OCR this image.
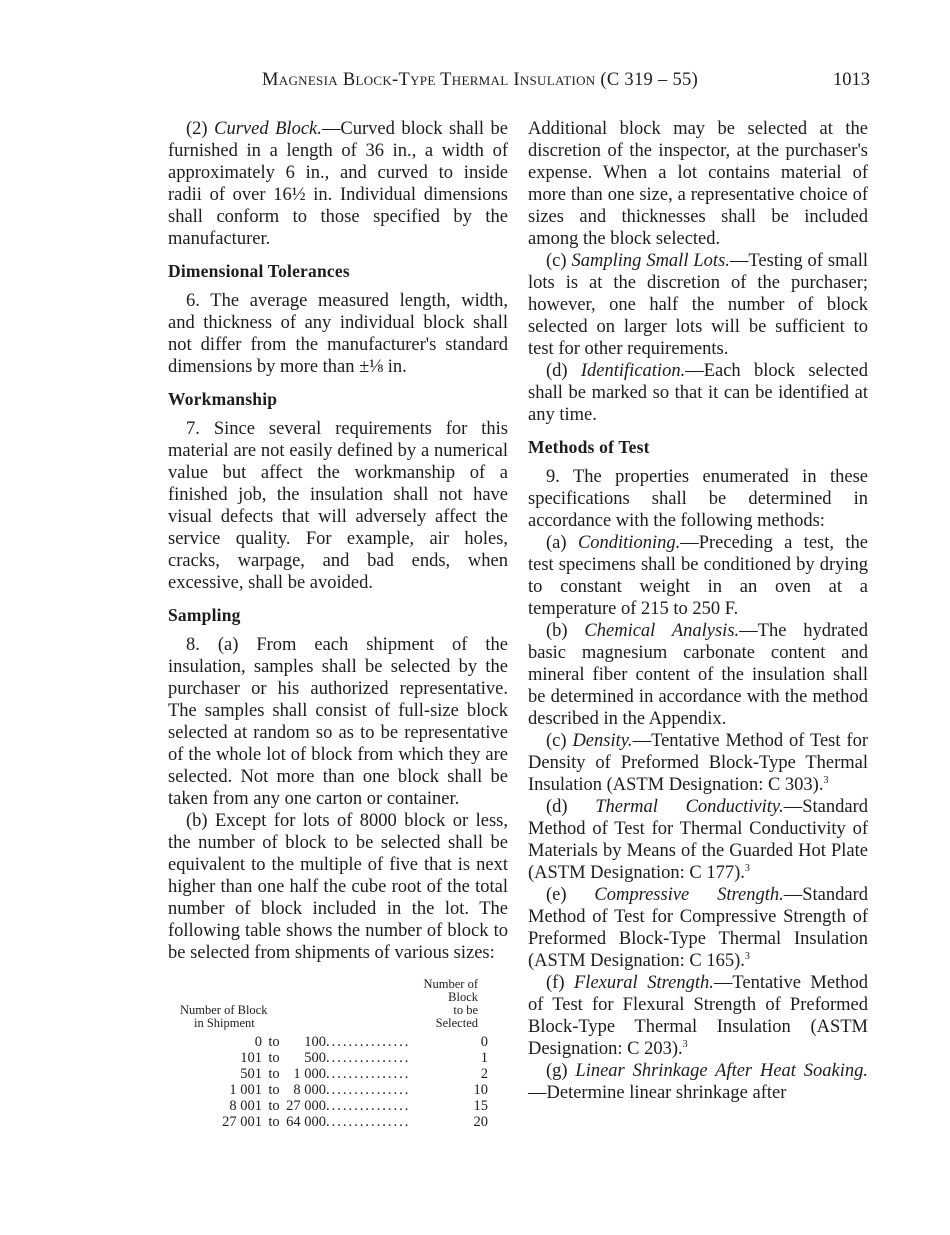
Magnesia Block-Type Thermal Insulation (C 319 – 55)	1013

(2) Curved Block.—Curved block shall be furnished in a length of 36 in., a width of approximately 6 in., and curved to inside radii of over 16½ in. Individual dimensions shall conform to those specified by the manufacturer.

Dimensional Tolerances

6. The average measured length, width, and thickness of any individual block shall not differ from the manufacturer's standard dimensions by more than ±⅛ in.

Workmanship

7. Since several requirements for this material are not easily defined by a numerical value but affect the workmanship of a finished job, the insulation shall not have visual defects that will adversely affect the service quality. For example, air holes, cracks, warpage, and bad ends, when excessive, shall be avoided.

Sampling

8. (a) From each shipment of the insulation, samples shall be selected by the purchaser or his authorized representative. The samples shall consist of full-size block selected at random so as to be representative of the whole lot of block from which they are selected. Not more than one block shall be taken from any one carton or container.

(b) Except for lots of 8000 block or less, the number of block to be selected shall be equivalent to the multiple of five that is next higher than one half the cube root of the total number of block included in the lot. The following table shows the number of block to be selected from shipments of various sizes:

Number of Block
in Shipment	Number of Block
to be Selected
0 to 100...............	0
101 to 500...............	1
501 to 1 000...............	2
1 001 to 8 000...............	10
8 001 to 27 000...............	15
27 001 to 64 000...............	20

Additional block may be selected at the discretion of the inspector, at the purchaser's expense. When a lot contains material of more than one size, a representative choice of sizes and thicknesses shall be included among the block selected.

(c) Sampling Small Lots.—Testing of small lots is at the discretion of the purchaser; however, one half the number of block selected on larger lots will be sufficient to test for other requirements.

(d) Identification.—Each block selected shall be marked so that it can be identified at any time.

Methods of Test

9. The properties enumerated in these specifications shall be determined in accordance with the following methods:

(a) Conditioning.—Preceding a test, the test specimens shall be conditioned by drying to constant weight in an oven at a temperature of 215 to 250 F.

(b) Chemical Analysis.—The hydrated basic magnesium carbonate content and mineral fiber content of the insulation shall be determined in accordance with the method described in the Appendix.

(c) Density.—Tentative Method of Test for Density of Preformed Block-Type Thermal Insulation (ASTM Designation: C 303).$^3$

(d) Thermal Conductivity.—Standard Method of Test for Thermal Conductivity of Materials by Means of the Guarded Hot Plate (ASTM Designation: C 177).$^3$

(e) Compressive Strength.—Standard Method of Test for Compressive Strength of Preformed Block-Type Thermal Insulation (ASTM Designation: C 165).$^3$

(f) Flexural Strength.—Tentative Method of Test for Flexural Strength of Preformed Block-Type Thermal Insulation (ASTM Designation: C 203).$^3$

(g) Linear Shrinkage After Heat Soaking.—Determine linear shrinkage after
